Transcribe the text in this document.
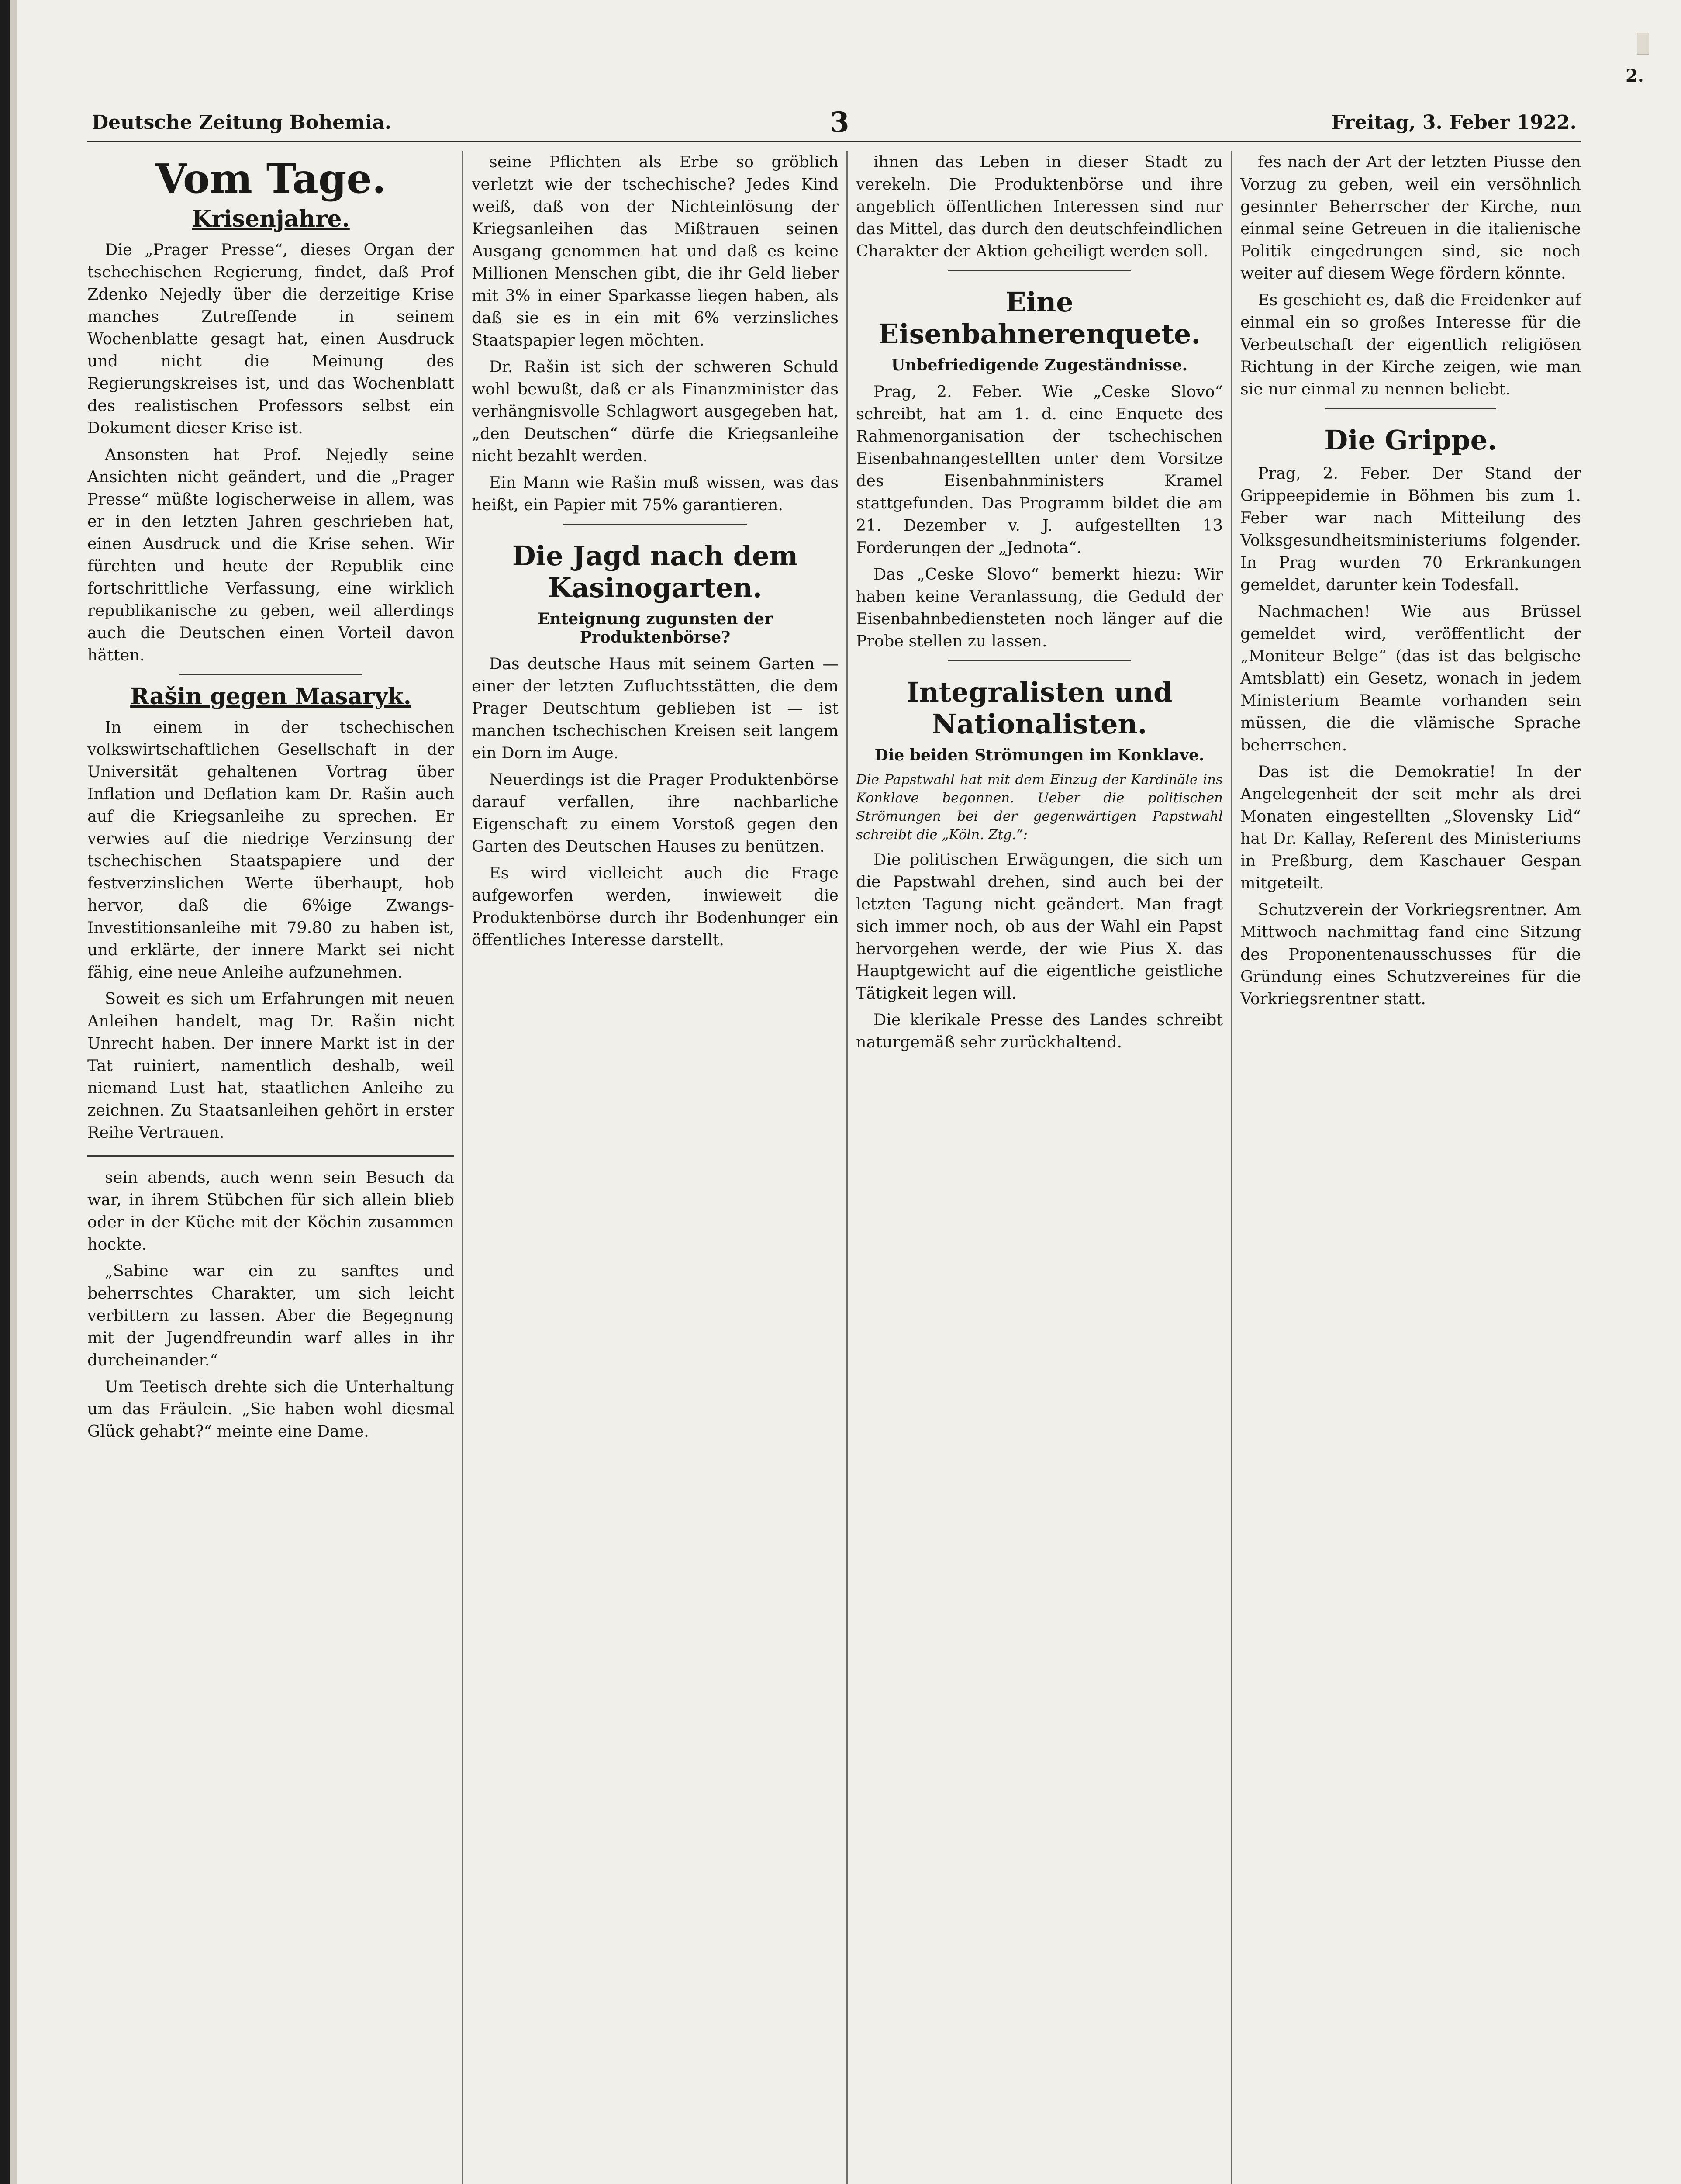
2.
Deutsche Zeitung Bohemia.	3	Freitag, 3. Feber 1922.
Vom Tage.
Krisenjahre.

Die „Prager Presse“, dieses Organ der tschechischen Regierung, findet, daß Prof Zdenko Nejedly über die derzeitige Krise manches Zutreffende in seinem Wochenblatte gesagt hat, einen Ausdruck und nicht die Meinung des Regierungskreises ist, und das Wochenblatt des realistischen Professors selbst ein Dokument dieser Krise ist.

Ansonsten hat Prof. Nejedly seine Ansichten nicht geändert, und die „Prager Presse“ müßte logischerweise in allem, was er in den letzten Jahren geschrieben hat, einen Ausdruck und die Krise sehen. Wir fürchten und heute der Republik eine fortschrittliche Verfassung, eine wirklich republikanische zu geben, weil allerdings auch die Deutschen einen Vorteil davon hätten.

Rašin gegen Masaryk.

In einem in der tschechischen volkswirtschaftlichen Gesellschaft in der Universität gehaltenen Vortrag über Inflation und Deflation kam Dr. Rašin auch auf die Kriegsanleihe zu sprechen. Er verwies auf die niedrige Verzinsung der tschechischen Staatspapiere und der festverzinslichen Werte überhaupt, hob hervor, daß die 6%ige Zwangs-Investitionsanleihe mit 79.80 zu haben ist, und erklärte, der innere Markt sei nicht fähig, eine neue Anleihe aufzunehmen.

Soweit es sich um Erfahrungen mit neuen Anleihen handelt, mag Dr. Rašin nicht Unrecht haben. Der innere Markt ist in der Tat ruiniert, namentlich deshalb, weil niemand Lust hat, staatlichen Anleihe zu zeichnen. Zu Staatsanleihen gehört in erster Reihe Vertrauen.

sein abends, auch wenn sein Besuch da war, in ihrem Stübchen für sich allein blieb oder in der Küche mit der Köchin zusammen hockte.

„Sabine war ein zu sanftes und beherrschtes Charakter, um sich leicht verbittern zu lassen. Aber die Begegnung mit der Jugendfreundin warf alles in ihr durcheinander.“

Um Teetisch drehte sich die Unterhaltung um das Fräulein. „Sie haben wohl diesmal Glück gehabt?“ meinte eine Dame.

seine Pflichten als Erbe so gröblich verletzt wie der tschechische? Jedes Kind weiß, daß von der Nichteinlösung der Kriegsanleihen das Mißtrauen seinen Ausgang genommen hat und daß es keine Millionen Menschen gibt, die ihr Geld lieber mit 3% in einer Sparkasse liegen haben, als daß sie es in ein mit 6% verzinsliches Staatspapier legen möchten.

Dr. Rašin ist sich der schweren Schuld wohl bewußt, daß er als Finanzminister das verhängnisvolle Schlagwort ausgegeben hat, „den Deutschen“ dürfe die Kriegsanleihe nicht bezahlt werden.

Ein Mann wie Rašin muß wissen, was das heißt, ein Papier mit 75% garantieren.

Die Jagd nach dem Kasinogarten.
Enteignung zugunsten der Produktenbörse?

Das deutsche Haus mit seinem Garten — einer der letzten Zufluchtsstätten, die dem Prager Deutschtum geblieben ist — ist manchen tschechischen Kreisen seit langem ein Dorn im Auge.

Neuerdings ist die Prager Produktenbörse darauf verfallen, ihre nachbarliche Eigenschaft zu einem Vorstoß gegen den Garten des Deutschen Hauses zu benützen.

Es wird vielleicht auch die Frage aufgeworfen werden, inwieweit die Produktenbörse durch ihr Bodenhunger ein öffentliches Interesse darstellt.

ihnen das Leben in dieser Stadt zu verekeln. Die Produktenbörse und ihre angeblich öffentlichen Interessen sind nur das Mittel, das durch den deutschfeindlichen Charakter der Aktion geheiligt werden soll.

Eine Eisenbahnerenquete.
Unbefriedigende Zugeständnisse.

Prag, 2. Feber. Wie „Ceske Slovo“ schreibt, hat am 1. d. eine Enquete des Rahmenorganisation der tschechischen Eisenbahnangestellten unter dem Vorsitze des Eisenbahnministers Kramel stattgefunden. Das Programm bildet die am 21. Dezember v. J. aufgestellten 13 Forderungen der „Jednota“.

Das „Ceske Slovo“ bemerkt hiezu: Wir haben keine Veranlassung, die Geduld der Eisenbahnbediensteten noch länger auf die Probe stellen zu lassen.

Integralisten und Nationalisten.
Die beiden Strömungen im Konklave.

Die Papstwahl hat mit dem Einzug der Kardinäle ins Konklave begonnen. Ueber die politischen Strömungen bei der gegenwärtigen Papstwahl schreibt die „Köln. Ztg.“:

Die politischen Erwägungen, die sich um die Papstwahl drehen, sind auch bei der letzten Tagung nicht geändert. Man fragt sich immer noch, ob aus der Wahl ein Papst hervorgehen werde, der wie Pius X. das Hauptgewicht auf die eigentliche geistliche Tätigkeit legen will.

Die klerikale Presse des Landes schreibt naturgemäß sehr zurückhaltend.

fes nach der Art der letzten Piusse den Vorzug zu geben, weil ein versöhnlich gesinnter Beherrscher der Kirche, nun einmal seine Getreuen in die italienische Politik eingedrungen sind, sie noch weiter auf diesem Wege fördern könnte.

Es geschieht es, daß die Freidenker auf einmal ein so großes Interesse für die Verbeutschaft der eigentlich religiösen Richtung in der Kirche zeigen, wie man sie nur einmal zu nennen beliebt.

Die Grippe.

Prag, 2. Feber. Der Stand der Grippeepidemie in Böhmen bis zum 1. Feber war nach Mitteilung des Volksgesundheitsministeriums folgender. In Prag wurden 70 Erkrankungen gemeldet, darunter kein Todesfall.

Nachmachen! Wie aus Brüssel gemeldet wird, veröffentlicht der „Moniteur Belge“ (das ist das belgische Amtsblatt) ein Gesetz, wonach in jedem Ministerium Beamte vorhanden sein müssen, die die vlämische Sprache beherrschen.

Das ist die Demokratie! In der Angelegenheit der seit mehr als drei Monaten eingestellten „Slovensky Lid“ hat Dr. Kallay, Referent des Ministeriums in Preßburg, dem Kaschauer Gespan mitgeteilt.

Schutzverein der Vorkriegsrentner. Am Mittwoch nachmittag fand eine Sitzung des Proponentenausschusses für die Gründung eines Schutzvereines für die Vorkriegsrentner statt.
